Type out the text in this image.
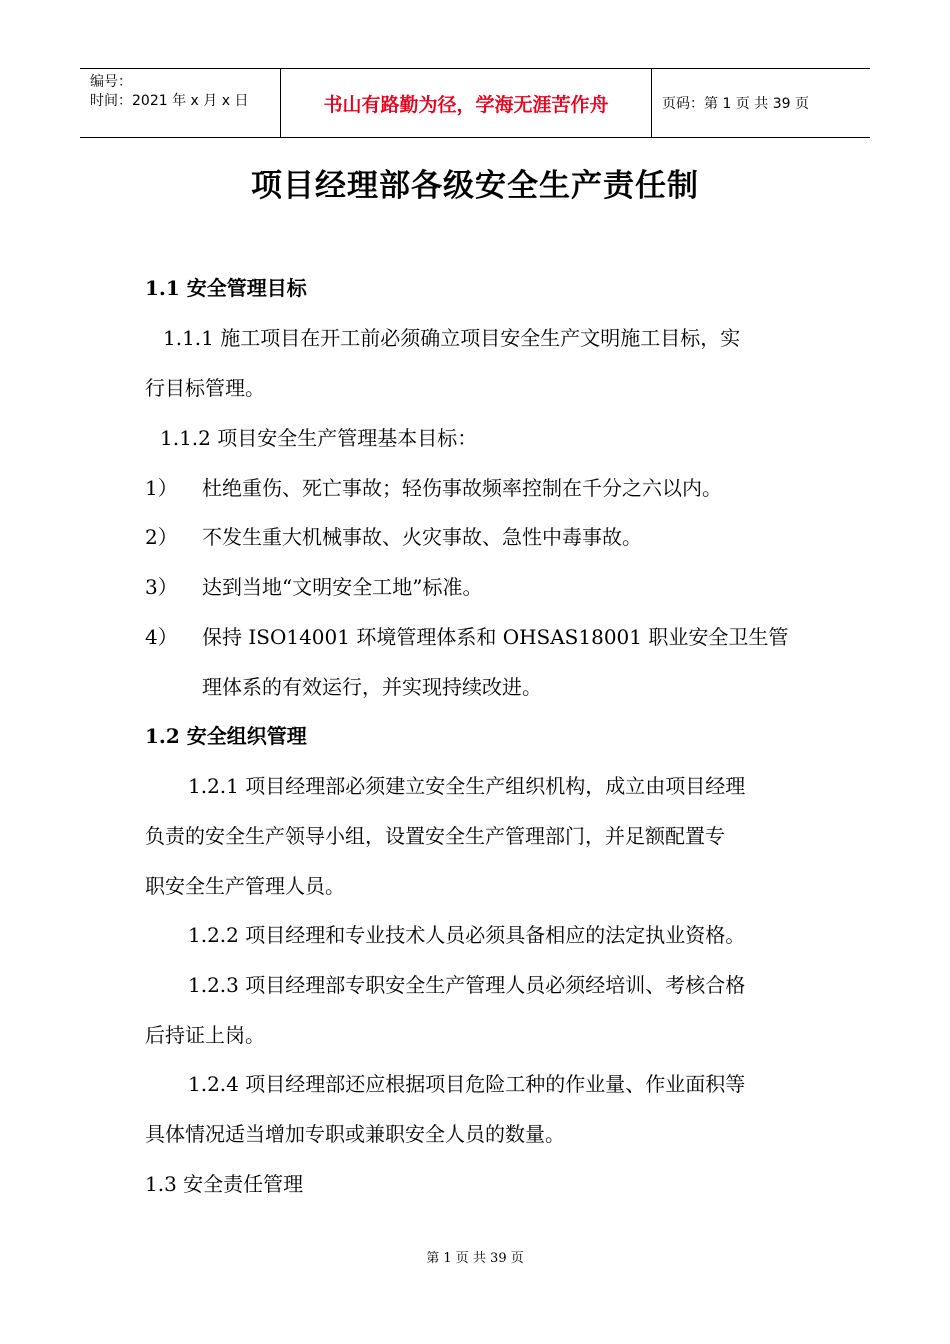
编号：
时间：2021 年 x 月 x 日	书山有路勤为径，学海无涯苦作舟	页码：第 1 页 共 39 页
项目经理部各级安全生产责任制
1.1 安全管理目标
1.1.1 施工项目在开工前必须确立项目安全生产文明施工目标，实
行目标管理。
1.1.2 项目安全生产管理基本目标：
1） 杜绝重伤、死亡事故；轻伤事故频率控制在千分之六以内。
2） 不发生重大机械事故、火灾事故、急性中毒事故。
3） 达到当地“文明安全工地”标准。
4） 保持 ISO14001 环境管理体系和 OHSAS18001 职业安全卫生管
理体系的有效运行，并实现持续改进。
1.2 安全组织管理
1.2.1 项目经理部必须建立安全生产组织机构，成立由项目经理
负责的安全生产领导小组，设置安全生产管理部门，并足额配置专
职安全生产管理人员。
1.2.2 项目经理和专业技术人员必须具备相应的法定执业资格。
1.2.3 项目经理部专职安全生产管理人员必须经培训、考核合格
后持证上岗。
1.2.4 项目经理部还应根据项目危险工种的作业量、作业面积等
具体情况适当增加专职或兼职安全人员的数量。
1.3 安全责任管理
第 1 页 共 39 页
